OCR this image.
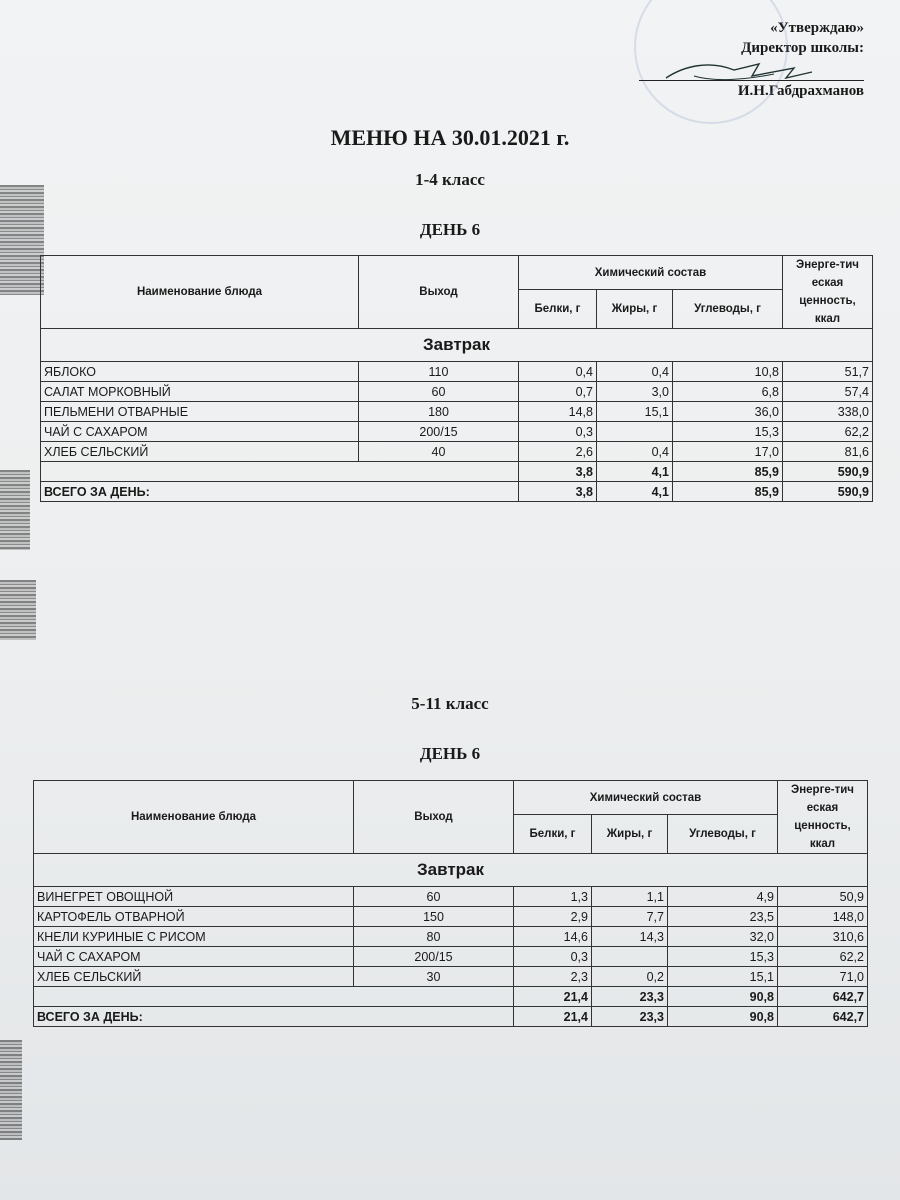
«Утверждаю»
Директор школы:
И.Н.Габдрахманов
МЕНЮ НА 30.01.2021 г.
1-4 класс
ДЕНЬ 6
Наименование блюда	Выход	Химический состав			Энерге-тич еская ценность, ккал
		Белки, г	Жиры, г	Углеводы, г	
Завтрак					
ЯБЛОКО	110	0,4	0,4	10,8	51,7
САЛАТ МОРКОВНЫЙ	60	0,7	3,0	6,8	57,4
ПЕЛЬМЕНИ ОТВАРНЫЕ	180	14,8	15,1	36,0	338,0
ЧАЙ С САХАРОМ	200/15	0,3		15,3	62,2
ХЛЕБ СЕЛЬСКИЙ	40	2,6	0,4	17,0	81,6
		3,8	4,1	85,9	590,9
ВСЕГО ЗА ДЕНЬ:		3,8	4,1	85,9	590,9
5-11 класс
ДЕНЬ 6
Наименование блюда	Выход	Химический состав			Энерге-тич еская ценность, ккал
		Белки, г	Жиры, г	Углеводы, г	
Завтрак					
ВИНЕГРЕТ ОВОЩНОЙ	60	1,3	1,1	4,9	50,9
КАРТОФЕЛЬ ОТВАРНОЙ	150	2,9	7,7	23,5	148,0
КНЕЛИ КУРИНЫЕ С РИСОМ	80	14,6	14,3	32,0	310,6
ЧАЙ С САХАРОМ	200/15	0,3		15,3	62,2
ХЛЕБ СЕЛЬСКИЙ	30	2,3	0,2	15,1	71,0
		21,4	23,3	90,8	642,7
ВСЕГО ЗА ДЕНЬ:		21,4	23,3	90,8	642,7
